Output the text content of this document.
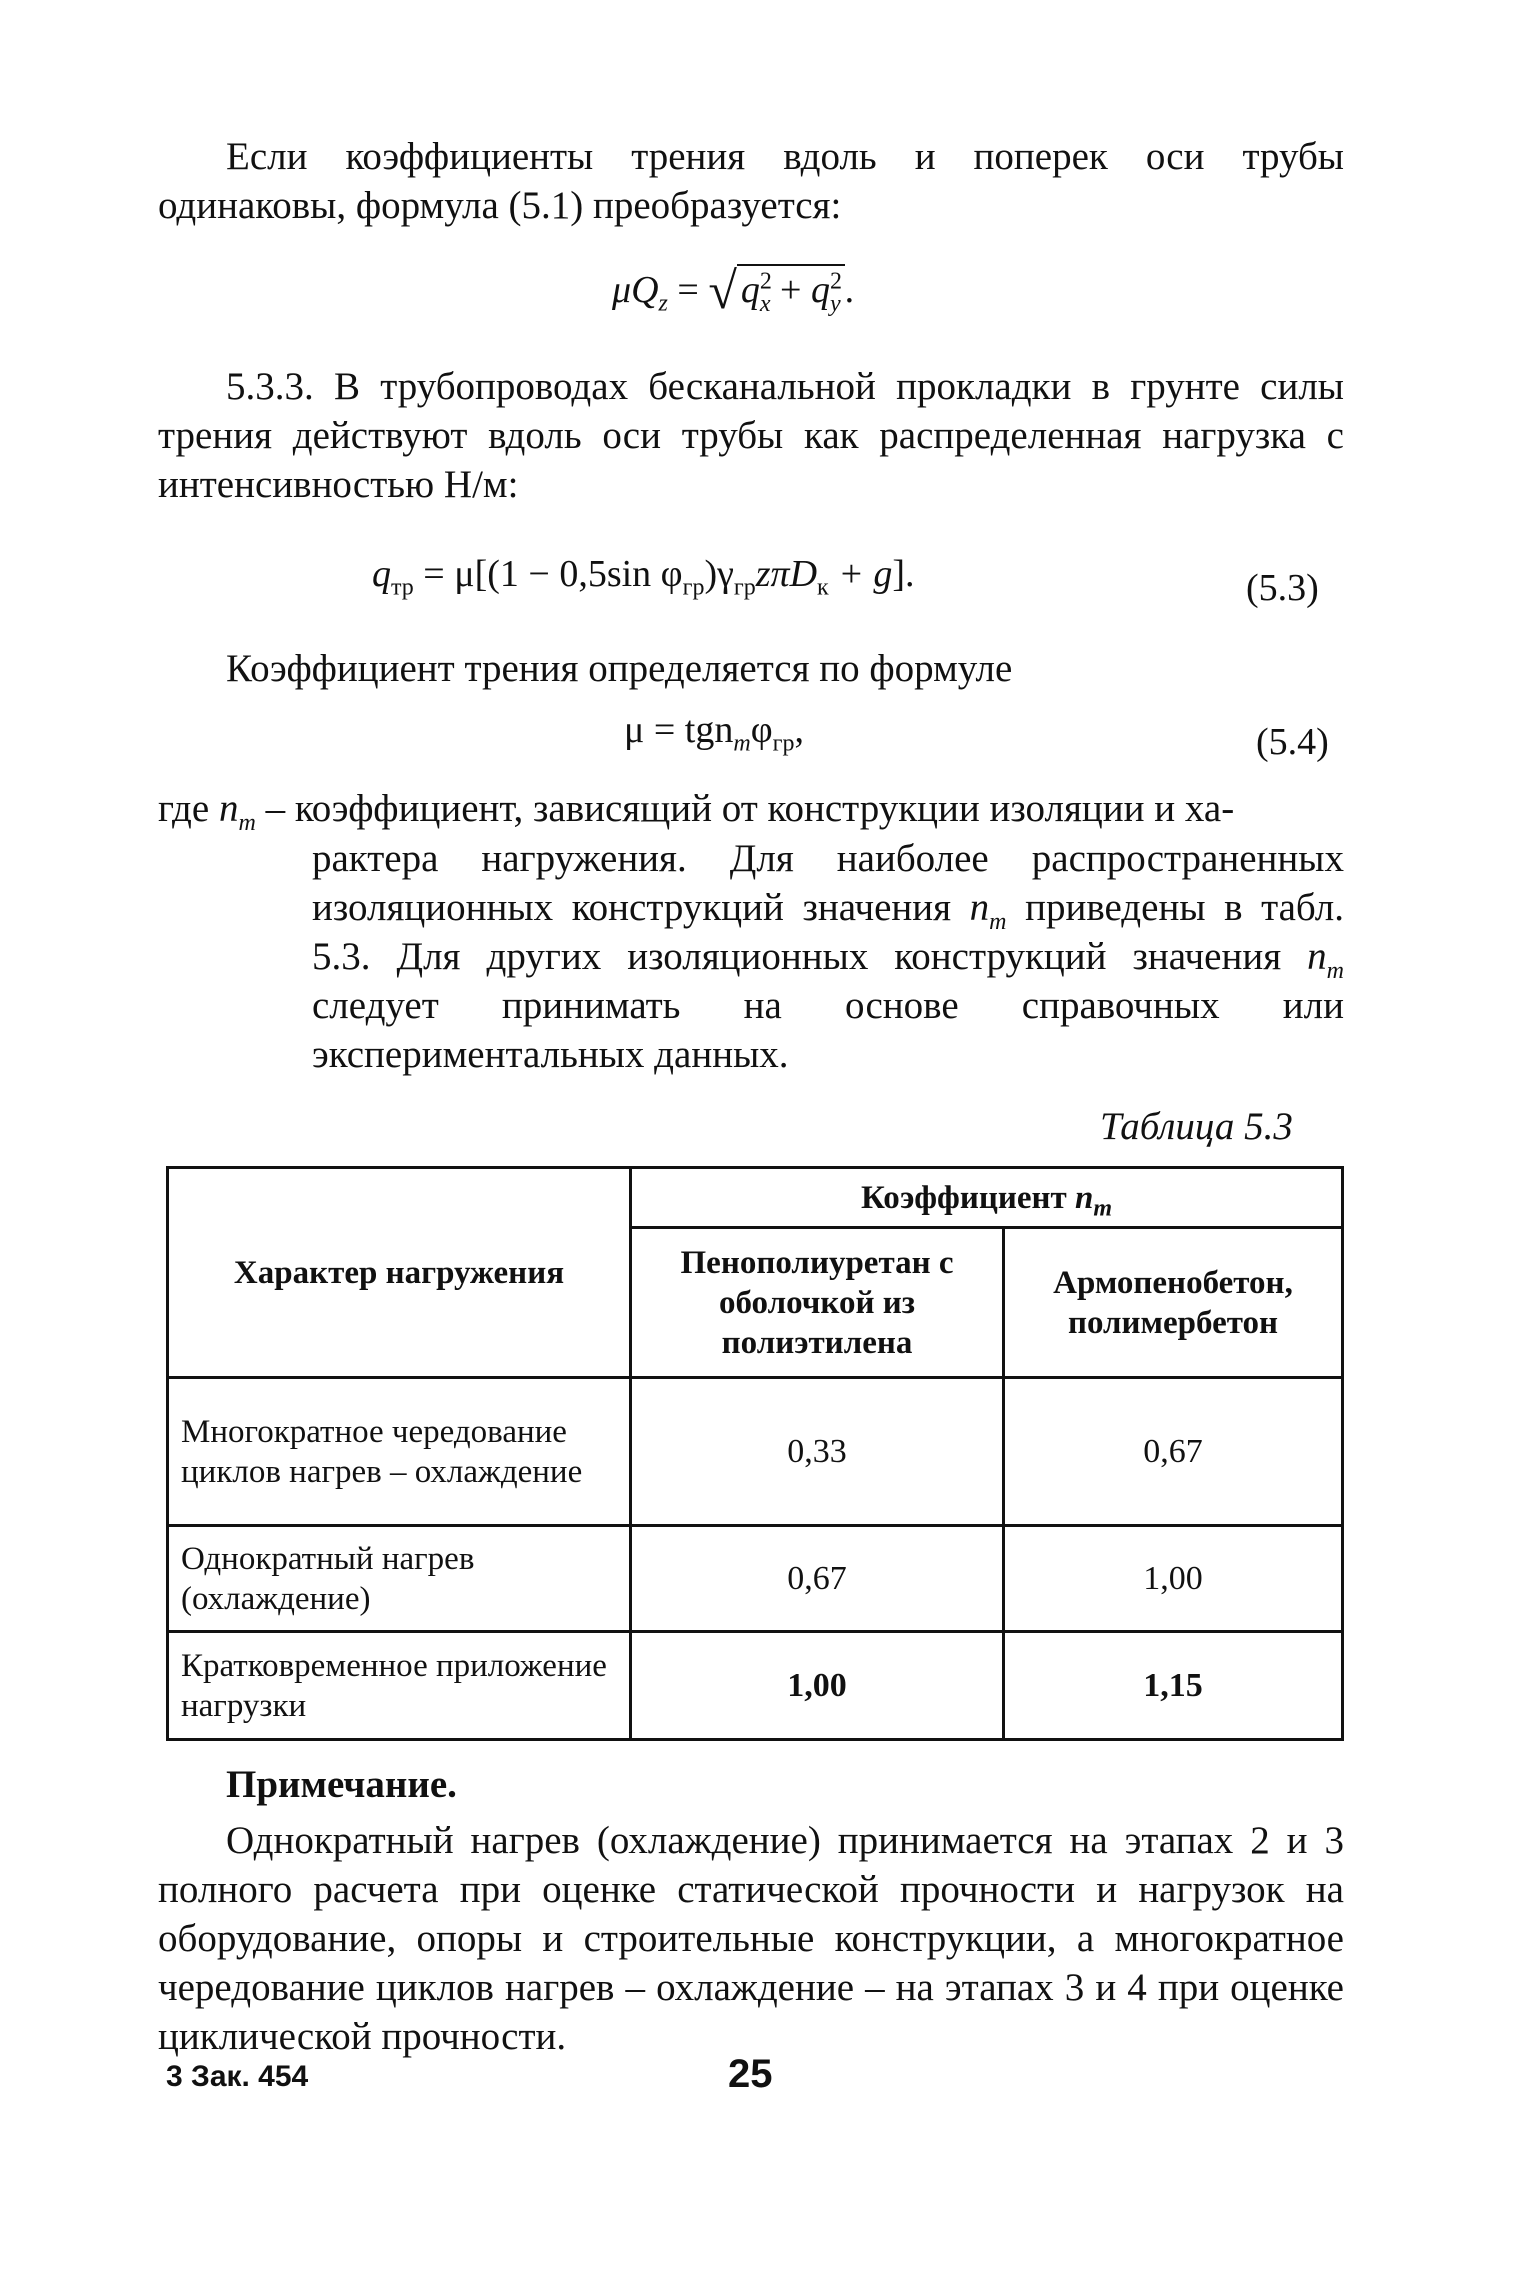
Если коэффициенты трения вдоль и поперек оси трубы одинаковы, формула (5.1) преобразуется:
$\mu Q_z$ = √ $q^2_x + q^2_y$ .
5.3.3. В трубопроводах бесканальной прокладки в грунте силы трения действуют вдоль оси трубы как распределенная нагрузка с интенсивностью Н/м:
$q_{тр} = \mu[(1 - 0,5\sin$ $\varphi_{гр})\gamma_{гр}z\pi D_к + g$].	(5.3)
Коэффициент трения определяется по формуле
$\mu = tgn_m\varphi_{гр}$,	(5.4)
где $n_m$ – коэффициент, зависящий от конструкции изоляции и ха-
рактера нагружения. Для наиболее распространенных изоляционных конструкций значения $n_m$ приведены в табл. 5.3. Для других изоляционных конструкций значения $n_m$ следует принимать на основе справочных или экспериментальных данных.
Таблица 5.3
Характер нагружения	Коэффициент $n_m$
	Пенополиуретан с оболочкой из полиэтилена	Армопенобетон, полимербетон
Многократное чередование циклов нагрев – охлаждение	0,33	0,67
Однократный нагрев (охлаждение)	0,67	1,00
Кратковременное приложение нагрузки	1,00	1,15
Примечание.
Однократный нагрев (охлаждение) принимается на этапах 2 и 3 полного расчета при оценке статической прочности и нагрузок на оборудование, опоры и строительные конструкции, а многократное чередование циклов нагрев – охлаждение – на этапах 3 и 4 при оценке циклической прочности.
3 Зак. 454	25
